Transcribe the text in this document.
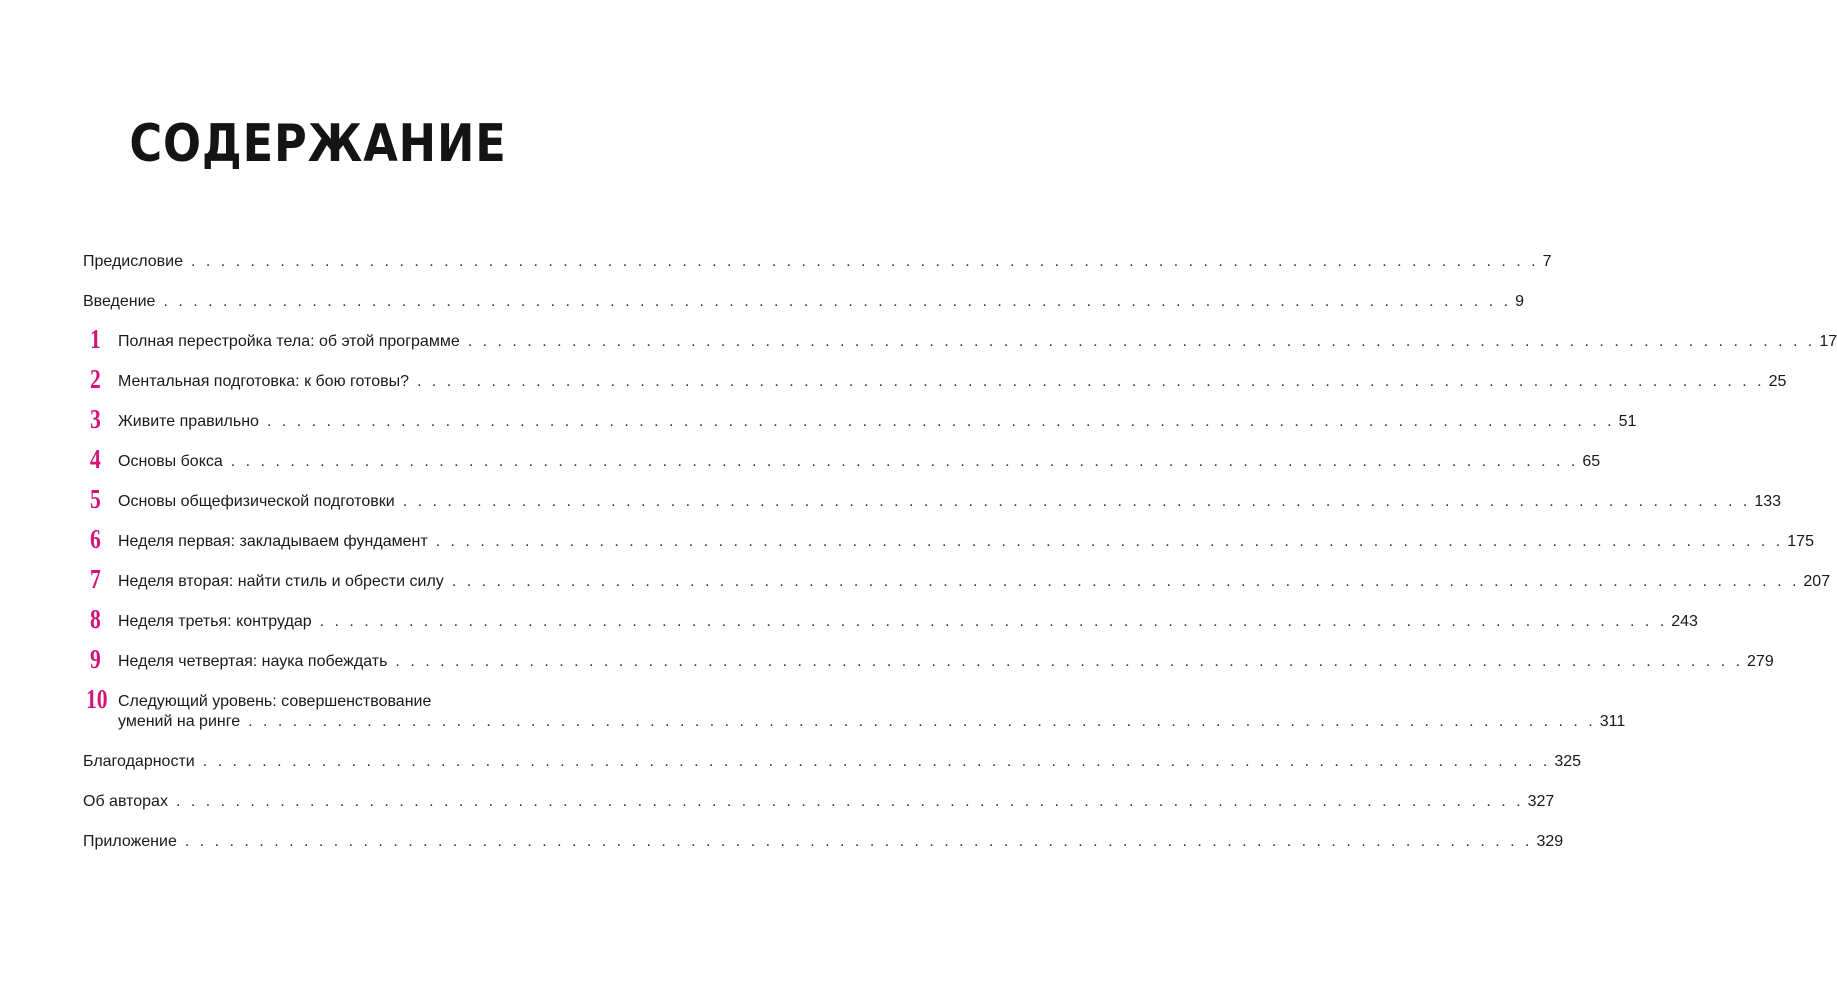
СОДЕРЖАНИЕ
Предисловие . . .	7
Введение . . .	9
1 Полная перестройка тела: об этой программе . . .	17
2 Ментальная подготовка: к бою готовы? . . .	25
3 Живите правильно . . .	51
4 Основы бокса . . .	65
5 Основы общефизической подготовки . . .	133
6 Неделя первая: закладываем фундамент . . .	175
7 Неделя вторая: найти стиль и обрести силу . . .	207
8 Неделя третья: контрудар . . .	243
9 Неделя четвертая: наука побеждать . . .	279
10 Следующий уровень: совершенствование
умений на ринге . . .	311
Благодарности . . .	325
Об авторах . . .	327
Приложение . . .	329
